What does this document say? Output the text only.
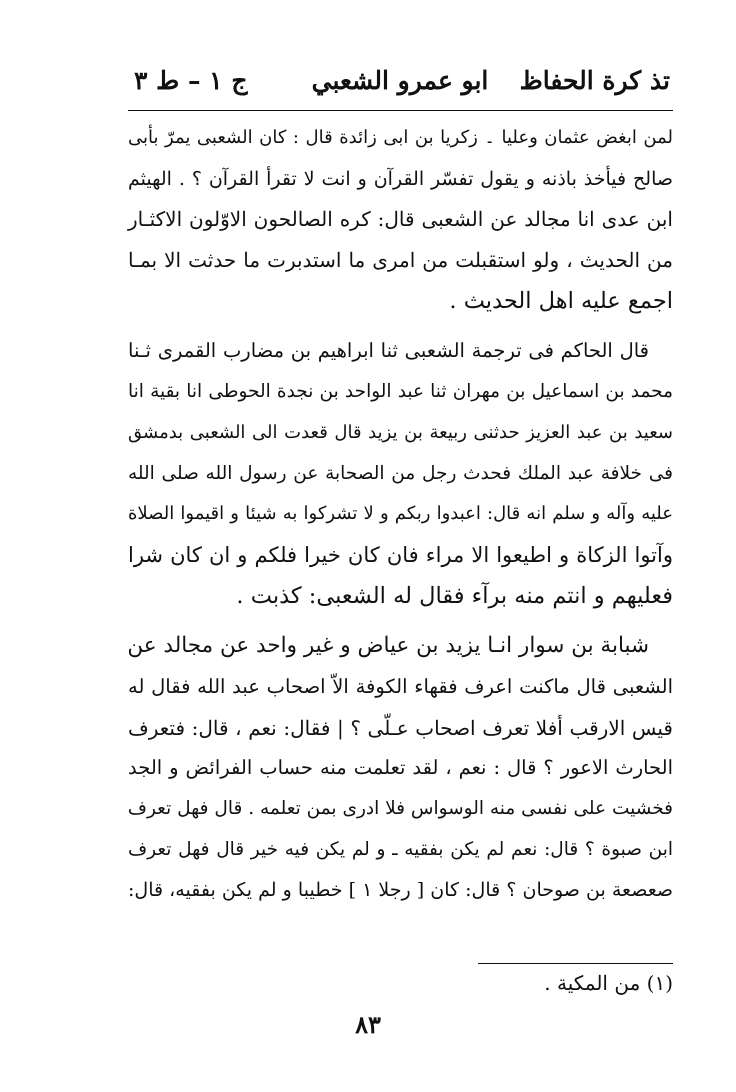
تذ كرة الحفاظ
ابو عمرو الشعبي
ج ١ – ط ٣
لمن ابغض عثمان وعليا ۔ زكريا بن ابى زائدة قال : كان الشعبى يمرّ بأبى
صالح فيأخذ باذنه و يقول تفسّر القرآن و انت لا تقرأ القرآن ؟ . الهيثم
ابن عدى انا مجالد عن الشعبى قال: كره الصالحون الاوّلون الاكثـار
من الحديث ، ولو استقبلت من امرى ما استدبرت ما حدثت الا بمـا
اجمع عليه اهل الحديث .
قال الحاكم فى ترجمة الشعبى ثنا ابراهيم بن مضارب القمرى ثـنا
محمد بن اسماعيل بن مهران ثنا عبد الواحد بن نجدة الحوطى انا بقية انا
سعيد بن عبد العزيز حدثنى ربيعة بن يزيد قال قعدت الى الشعبى بدمشق
فى خلافة عبد الملك فحدث رجل من الصحابة عن رسول الله صلى الله
عليه وآله و سلم انه قال: اعبدوا ربكم و لا تشركوا به شيئا و اقيموا الصلاة
وآتوا الزكاة و اطيعوا الا مراء فان كان خيرا فلكم و ان كان شرا
فعليهم و انتم منه برآء فقال له الشعبى: كذبت .
شبابة بن سوار انـا يزيد بن عياض و غير واحد عن مجالد عن
الشعبى قال ماكنت اعرف فقهاء الكوفة الاّ اصحاب عبد الله فقال له
قيس الارقب أفلا تعرف اصحاب عـلّى ؟ | فقال: نعم ، قال: فتعرف
الحارث الاعور ؟ قال : نعم ، لقد تعلمت منه حساب الفرائض و الجد
فخشيت على نفسى منه الوسواس فلا ادرى بمن تعلمه . قال فهل تعرف
ابن صبوة ؟ قال: نعم لم يكن بفقيه ـ و لم يكن فيه خير قال فهل تعرف
صعصعة بن صوحان ؟ قال: كان [ رجلا ١ ] خطيبا و لم يكن بفقيه، قال:
(١) من المكية .
٨٣
